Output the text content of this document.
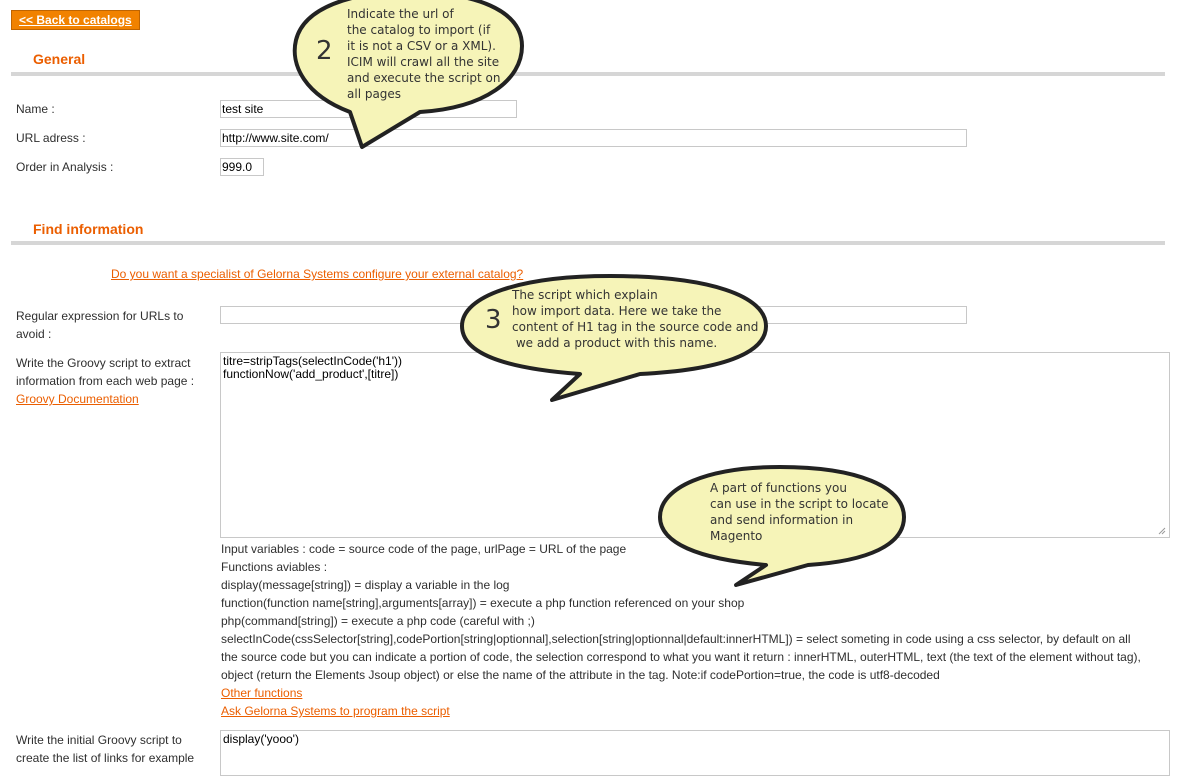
<< Back to catalogs
General
Name :
test site
URL adress :
http://www.site.com/
Order in Analysis :
999.0
Find information
Do you want a specialist of Gelorna Systems configure your external catalog?
Regular expression for URLs to avoid :
Write the Groovy script to extract information from each web page :
Groovy Documentation
titre=stripTags(selectInCode('h1')) functionNow('add_product',[titre])
Input variables : code = source code of the page, urlPage = URL of the page
Functions aviables :
display(message[string]) = display a variable in the log
function(function name[string],arguments[array]) = execute a php function referenced on your shop
php(command[string]) = execute a php code (careful with ;)
selectInCode(cssSelector[string],codePortion[string|optionnal],selection[string|optionnal|default:innerHTML]) = select someting in code using a css selector, by default on all
the source code but you can indicate a portion of code, the selection correspond to what you want it return : innerHTML, outerHTML, text (the text of the element without tag),
object (return the Elements Jsoup object) or else the name of the attribute in the tag. Note:if codePortion=true, the code is utf8-decoded
Other functions
Ask Gelorna Systems to program the script
Write the initial Groovy script to create the list of links for example
display('yooo')
2
Indicate the url of
the catalog to import (if
it is not a CSV or a XML).
ICIM will crawl all the site
and execute the script on
all pages
3
The script which explain
how import data. Here we take the
content of H1 tag in the source code and
we add a product with this name.
A part of functions you
can use in the script to locate
and send information in
Magento
